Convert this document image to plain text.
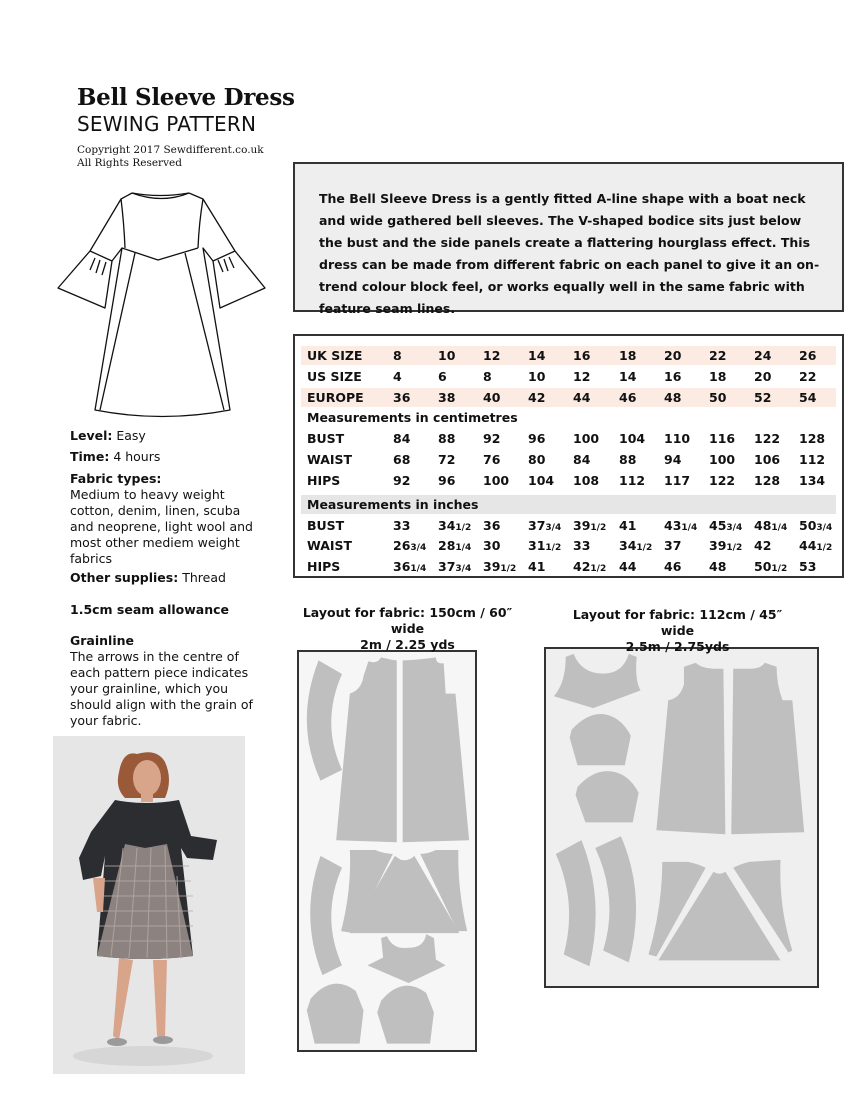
Bell Sleeve Dress
SEWING PATTERN
Copyright 2017 Sewdifferent.co.uk
All Rights Reserved
Level: Easy
Time: 4 hours
Fabric types:
Medium to heavy weight cotton, denim, linen, scuba and neoprene, light wool and most other mediem weight fabrics
Other supplies: Thread
1.5cm seam allowance
Grainline
The arrows in the centre of each pattern piece indicates your grainline, which you should align with the grain of your fabric.
The Bell Sleeve Dress is a gently fitted A-line shape with a boat neck and wide gathered bell sleeves. The V-shaped bodice sits just below the bust and the side panels create a flattering hourglass effect. This dress can be made from different fabric on each panel to give it an on-trend colour block feel, or works equally well in the same fabric with feature seam lines.
UK SIZE 8	10 12 14 16 18 20 22 24 26
US SIZE 4	6	8	10 12 14 16 18 20 22
EUROPE 36 38 40 42 44 46 48 50 52 54
Measurements in centimetres
BUST	84 88 92 96 100 104 110 116 122 128
WAIST	68 72 76 80 84 88 94 100 106 112
HIPS	92 96 100 104 108 112 117 122 128 134
Measurements in inches
BUST	33 341/2 36 373/4 391/2 41 431/4 453/4 481/4 503/4
WAIST	263/4 281/4 30 311/2 33 341/2 37 391/2 42 441/2
HIPS	361/4 373/4 391/2 41 421/2 44 46 48 501/2 53
Layout for fabric: 150cm / 60″ wide
2m / 2.25 yds
Layout for fabric: 112cm / 45″ wide
2.5m / 2.75yds
